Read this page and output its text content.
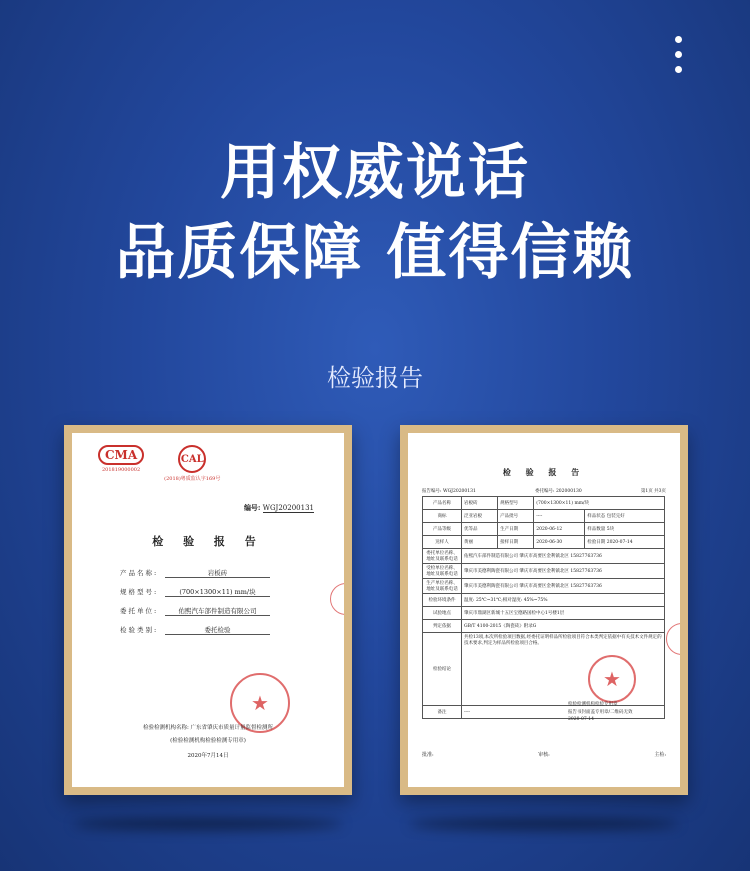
用权威说话
品质保障 值得信赖
检验报告
CMA
201819000002
CAL
(2018)粤质监认字169号
编号: WGJ20200131
检 验 报 告
产品名称:	岩板砖
规格型号:	(700×1300×11) mm/块
委托单位:	佑熙汽车部件制造有限公司
检验类别:	委托检验
★
检验检测机构名称: 广东省肇庆市质量计量监督检测所
(检验检测机构检验检测专用章)
2020年7月14日
检 验 报 告
报告编号: WGJ20200131	委托编号: 202000130	第1页 共3页
产品名称	岩板砖	规格型号	(700×1300×11) mm/块	
商标	泛亚岩板	产品批号	----	样品状态 包装完好
产品等级	优等品	生产日期	2020-06-12	样品数量 5块
送样人	黄丽	接样日期	2020-06-30	检验日期 2020-07-14
委托单位名称、地址及联系电话	佑熙汽车部件制造有限公司 肇庆市高要区金利镇北区 15827763736			
受检单位名称、地址及联系电话	肇庆市美德利陶瓷有限公司 肇庆市高要区金利镇北区 15827763736			
生产单位名称、地址及联系电话	肇庆市美德利陶瓷有限公司 肇庆市高要区金利镇北区 15827763736			
检验环境条件	温度: 25℃~31℃;相对湿度: 45%~75%			
试验地点	肇庆市鼎湖区新城十五区宝德路国检中心1号楼1层			
判定依据	GB/T 4100-2015《陶瓷砖》附录G			
检验结论	共检13项,本次所检验项目数据,经委托证明样品所检验项目符合本类判定依据中有关技术文件规定的技术要求,判定为样品所检验项目合格。			
备注	----			
★
检验检测机构检验专用章
报告书封面盖专用章/二维码无效
2020-07-14
批准:	审核:	主检:
